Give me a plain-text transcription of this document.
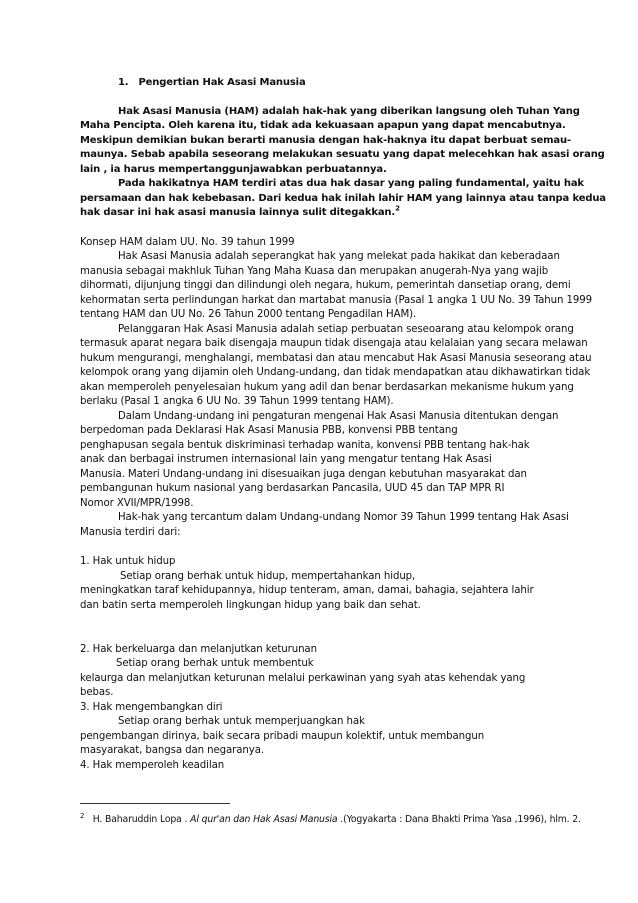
1. Pengertian Hak Asasi Manusia
Hak Asasi Manusia (HAM) adalah hak-hak yang diberikan langsung oleh Tuhan Yang
Maha Pencipta. Oleh karena itu, tidak ada kekuasaan apapun yang dapat mencabutnya.
Meskipun demikian bukan berarti manusia dengan hak-haknya itu dapat berbuat semau-
maunya. Sebab apabila seseorang melakukan sesuatu yang dapat melecehkan hak asasi orang
lain , ia harus mempertanggunjawabkan perbuatannya.
Pada hakikatnya HAM terdiri atas dua hak dasar yang paling fundamental, yaitu hak
persamaan dan hak kebebasan. Dari kedua hak inilah lahir HAM yang lainnya atau tanpa kedua
hak dasar ini hak asasi manusia lainnya sulit ditegakkan.$^2$
Konsep HAM dalam UU. No. 39 tahun 1999
Hak Asasi Manusia adalah seperangkat hak yang melekat pada hakikat dan keberadaan
manusia sebagai makhluk Tuhan Yang Maha Kuasa dan merupakan anugerah-Nya yang wajib
dihormati, dijunjung tinggi dan dilindungi oleh negara, hukum, pemerintah dansetiap orang, demi
kehormatan serta perlindungan harkat dan martabat manusia (Pasal 1 angka 1 UU No. 39 Tahun 1999
tentang HAM dan UU No. 26 Tahun 2000 tentang Pengadilan HAM).
Pelanggaran Hak Asasi Manusia adalah setiap perbuatan seseoarang atau kelompok orang
termasuk aparat negara baik disengaja maupun tidak disengaja atau kelalaian yang secara melawan
hukum mengurangi, menghalangi, membatasi dan atau mencabut Hak Asasi Manusia seseorang atau
kelompok orang yang dijamin oleh Undang-undang, dan tidak mendapatkan atau dikhawatirkan tidak
akan memperoleh penyelesaian hukum yang adil dan benar berdasarkan mekanisme hukum yang
berlaku (Pasal 1 angka 6 UU No. 39 Tahun 1999 tentang HAM).
Dalam Undang-undang ini pengaturan mengenai Hak Asasi Manusia ditentukan dengan
berpedoman pada Deklarasi Hak Asasi Manusia PBB, konvensi PBB tentang
penghapusan segala bentuk diskriminasi terhadap wanita, konvensi PBB tentang hak-hak
anak dan berbagai instrumen internasional lain yang mengatur tentang Hak Asasi
Manusia. Materi Undang-undang ini disesuaikan juga dengan kebutuhan masyarakat dan
pembangunan hukum nasional yang berdasarkan Pancasila, UUD 45 dan TAP MPR RI
Nomor XVII/MPR/1998.
Hak-hak yang tercantum dalam Undang-undang Nomor 39 Tahun 1999 tentang Hak Asasi
Manusia terdiri dari:
1. Hak untuk hidup
Setiap orang berhak untuk hidup, mempertahankan hidup,
meningkatkan taraf kehidupannya, hidup tenteram, aman, damai, bahagia, sejahtera lahir
dan batin serta memperoleh lingkungan hidup yang baik dan sehat.
2. Hak berkeluarga dan melanjutkan keturunan
Setiap orang berhak untuk membentuk
kelaurga dan melanjutkan keturunan melalui perkawinan yang syah atas kehendak yang
bebas.
3. Hak mengembangkan diri
Setiap orang berhak untuk memperjuangkan hak
pengembangan dirinya, baik secara pribadi maupun kolektif, untuk membangun
masyarakat, bangsa dan negaranya.
4. Hak memperoleh keadilan
$^2$ H. Baharuddin Lopa . Al qur'an dan Hak Asasi Manusia .(Yogyakarta : Dana Bhakti Prima Yasa ,1996), hlm. 2.
